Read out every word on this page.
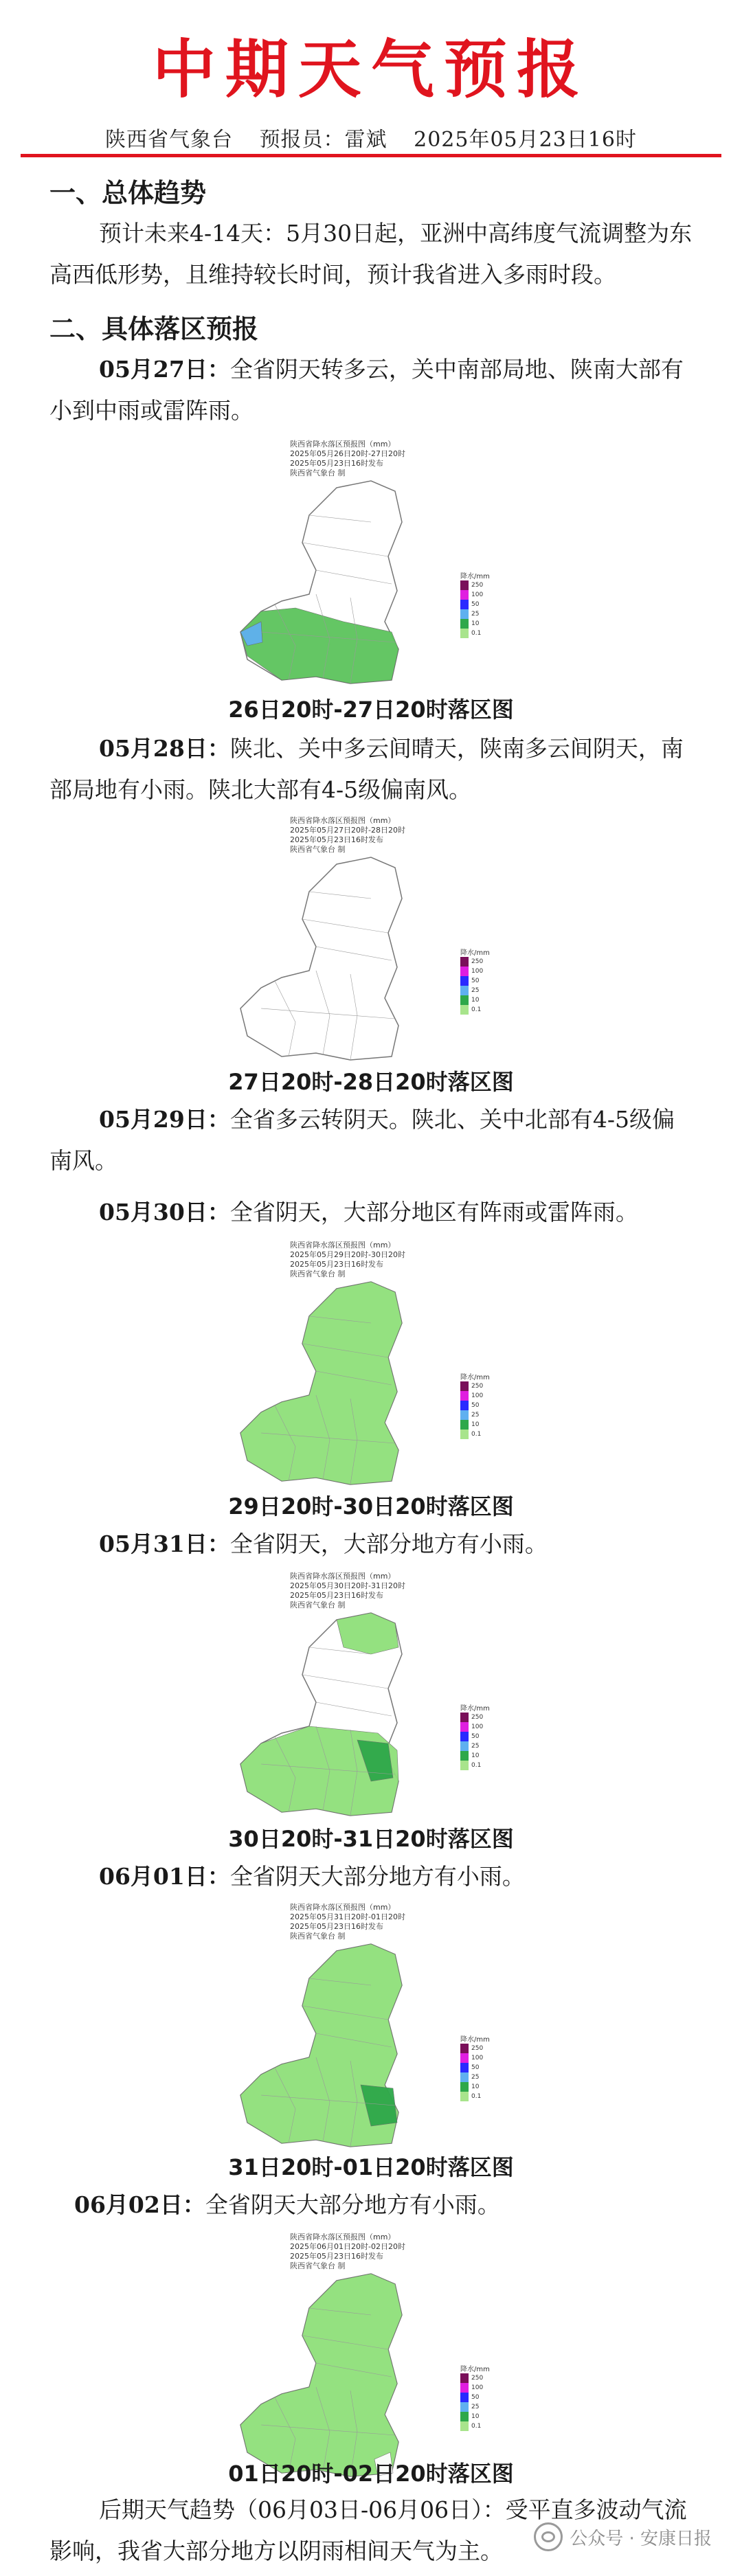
中期天气预报
陕西省气象台 预报员：雷斌 2025年05月23日16时
一、总体趋势

预计未来4-14天：5月30日起，亚洲中高纬度气流调整为东高西低形势，且维持较长时间，预计我省进入多雨时段。

二、具体落区预报

05月27日：全省阴天转多云，关中南部局地、陕南大部有小到中雨或雷阵雨。

陕西省降水落区预报图（mm）
2025年05月26日20时-27日20时
2025年05月23日16时发布
陕西省气象台 制
降水/mm
250
100
50
25
10
0.1
26日20时-27日20时落区图

05月28日：陕北、关中多云间晴天，陕南多云间阴天，南部局地有小雨。陕北大部有4-5级偏南风。

陕西省降水落区预报图（mm）
2025年05月27日20时-28日20时
2025年05月23日16时发布
陕西省气象台 制
降水/mm
250
100
50
25
10
0.1
27日20时-28日20时落区图

05月29日：全省多云转阴天。陕北、关中北部有4-5级偏南风。

05月30日：全省阴天，大部分地区有阵雨或雷阵雨。

陕西省降水落区预报图（mm）
2025年05月29日20时-30日20时
2025年05月23日16时发布
陕西省气象台 制
降水/mm
250
100
50
25
10
0.1
29日20时-30日20时落区图

05月31日：全省阴天，大部分地方有小雨。

陕西省降水落区预报图（mm）
2025年05月30日20时-31日20时
2025年05月23日16时发布
陕西省气象台 制
降水/mm
250
100
50
25
10
0.1
30日20时-31日20时落区图

06月01日：全省阴天大部分地方有小雨。

陕西省降水落区预报图（mm）
2025年05月31日20时-01日20时
2025年05月23日16时发布
陕西省气象台 制
降水/mm
250
100
50
25
10
0.1
31日20时-01日20时落区图

06月02日：全省阴天大部分地方有小雨。

陕西省降水落区预报图（mm）
2025年06月01日20时-02日20时
2025年05月23日16时发布
陕西省气象台 制
降水/mm
250
100
50
25
10
0.1
01日20时-02日20时落区图

后期天气趋势（06月03日-06月06日）：受平直多波动气流影响，我省大部分地方以阴雨相间天气为主。	公众号 · 安康日报
